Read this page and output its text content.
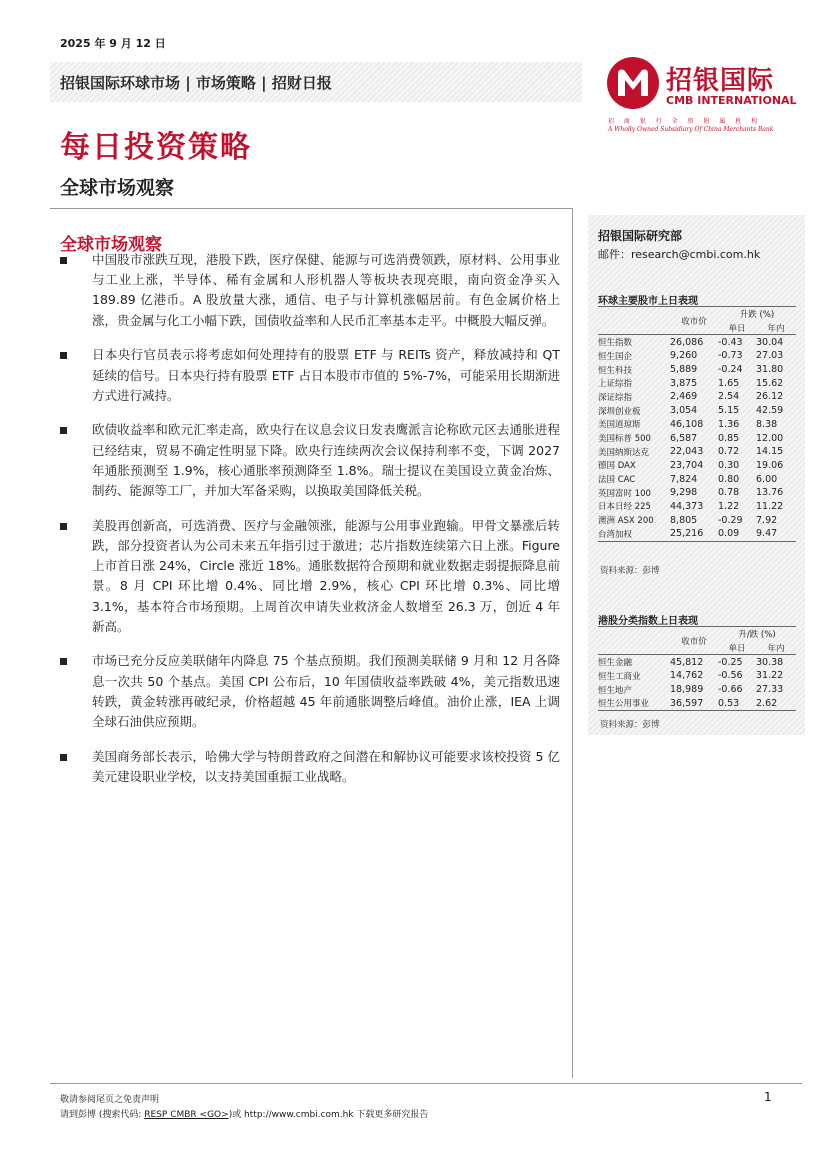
2025 年 9 月 12 日
招银国际环球市场 | 市场策略 | 招财日报	招银国际
CMB INTERNATIONAL
招 商 银 行 全 资 附 属 机 构
A Wholly Owned Subsidiary Of China Merchants Bank
每日投资策略
全球市场观察
全球市场观察
中国股市涨跌互现，港股下跌，医疗保健、能源与可选消费领跌，原材料、公用事业与工业上涨，半导体、稀有金属和人形机器人等板块表现亮眼，南向资金净买入 189.89 亿港币。A 股放量大涨，通信、电子与计算机涨幅居前。有色金属价格上涨，贵金属与化工小幅下跌，国债收益率和人民币汇率基本走平。中概股大幅反弹。
日本央行官员表示将考虑如何处理持有的股票 ETF 与 REITs 资产，释放减持和 QT 延续的信号。日本央行持有股票 ETF 占日本股市市值的 5%-7%，可能采用长期渐进方式进行减持。
欧债收益率和欧元汇率走高，欧央行在议息会议日发表鹰派言论称欧元区去通胀进程已经结束，贸易不确定性明显下降。欧央行连续两次会议保持利率不变，下调 2027 年通胀预测至 1.9%，核心通胀率预测降至 1.8%。瑞士提议在美国设立黄金冶炼、制药、能源等工厂，并加大军备采购，以换取美国降低关税。
美股再创新高，可选消费、医疗与金融领涨，能源与公用事业跑输。甲骨文暴涨后转跌，部分投资者认为公司未来五年指引过于激进；芯片指数连续第六日上涨。Figure 上市首日涨 24%，Circle 涨近 18%。通胀数据符合预期和就业数据走弱提振降息前景。8 月 CPI 环比增 0.4%、同比增 2.9%，核心 CPI 环比增 0.3%、同比增 3.1%，基本符合市场预期。上周首次申请失业救济金人数增至 26.3 万，创近 4 年新高。
市场已充分反应美联储年内降息 75 个基点预期。我们预测美联储 9 月和 12 月各降息一次共 50 个基点。美国 CPI 公布后，10 年国债收益率跌破 4%，美元指数迅速转跌，黄金转涨再破纪录，价格超越 45 年前通胀调整后峰值。油价止涨，IEA 上调全球石油供应预期。
美国商务部长表示，哈佛大学与特朗普政府之间潜在和解协议可能要求该校投资 5 亿美元建设职业学校，以支持美国重振工业战略。
招银国际研究部
邮件：research@cmbi.com.hk
环球主要股市上日表现
	收市价	升跌 (%)	
		单日	年内
恒生指数	26,086	-0.43	30.04
恒生国企	9,260	-0.73	27.03
恒生科技	5,889	-0.24	31.80
上证综指	3,875	1.65	15.62
深证综指	2,469	2.54	26.12
深圳创业板	3,054	5.15	42.59
美国道琼斯	46,108	1.36	8.38
美国标普 500	6,587	0.85	12.00
美国纳斯达克	22,043	0.72	14.15
德国 DAX	23,704	0.30	19.06
法国 CAC	7,824	0.80	6.00
英国富时 100	9,298	0.78	13.76
日本日经 225	44,373	1.22	11.22
澳洲 ASX 200	8,805	-0.29	7.92
台湾加权	25,216	0.09	9.47
资料来源：彭博
港股分类指数上日表现
	收市价	升/跌 (%)	
		单日	年内
恒生金融	45,812	-0.25	30.38
恒生工商业	14,762	-0.56	31.22
恒生地产	18,989	-0.66	27.33
恒生公用事业	36,597	0.53	2.62
资料来源：彭博
敬请参阅尾页之免责声明
请到彭博 (搜索代码: RESP CMBR <GO>)或 http://www.cmbi.com.hk 下载更多研究报告
1
